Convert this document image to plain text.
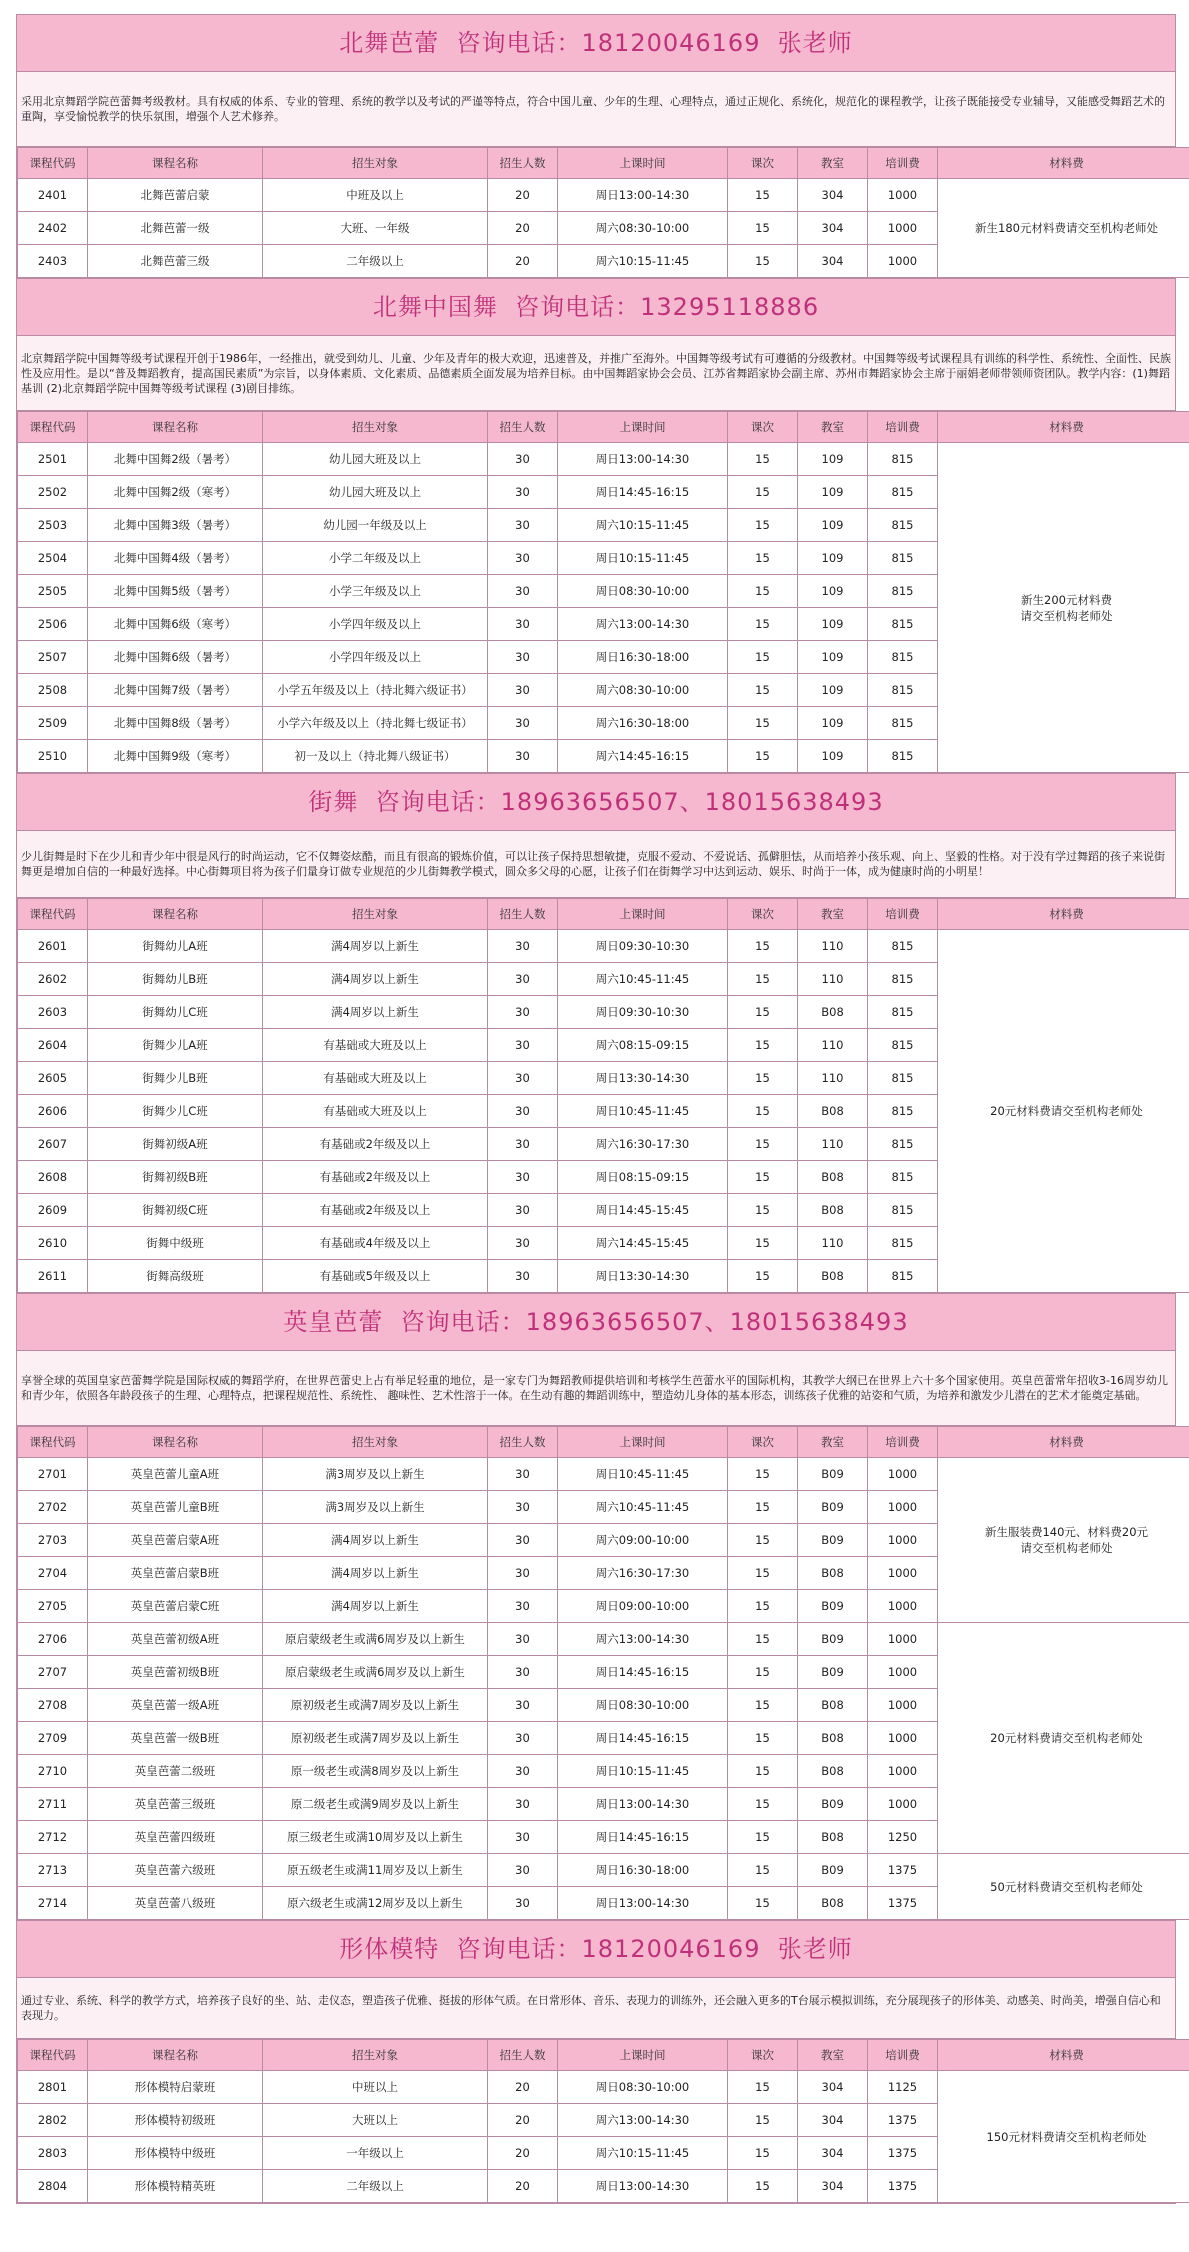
北舞芭蕾  咨询电话：18120046169  张老师
采用北京舞蹈学院芭蕾舞考级教材。具有权威的体系、专业的管理、系统的教学以及考试的严谨等特点，符合中国儿童、少年的生理、心理特点，通过正规化、系统化，规范化的课程教学，让孩子既能接受专业辅导，又能感受舞蹈艺术的重陶，享受愉悦教学的快乐氛围，增强个人艺术修养。
课程代码	课程名称	招生对象	招生人数	上课时间	课次	教室	培训费	材料费
2401	北舞芭蕾启蒙	中班及以上	20	周日13:00-14:30	15	304	1000	新生180元材料费请交至机构老师处
2402	北舞芭蕾一级	大班、一年级	20	周六08:30-10:00	15	304	1000	
2403	北舞芭蕾三级	二年级以上	20	周六10:15-11:45	15	304	1000	
北舞中国舞  咨询电话：13295118886
北京舞蹈学院中国舞等级考试课程开创于1986年，一经推出，就受到幼儿、儿童、少年及青年的极大欢迎，迅速普及，并推广至海外。中国舞等级考试有可遵循的分级教材。中国舞等级考试课程具有训练的科学性、系统性、全面性、民族性及应用性。是以“普及舞蹈教育，提高国民素质”为宗旨，以身体素质、文化素质、品德素质全面发展为培养目标。由中国舞蹈家协会会员、江苏省舞蹈家协会副主席、苏州市舞蹈家协会主席于丽娟老师带领师资团队。教学内容：(1)舞蹈基训 (2)北京舞蹈学院中国舞等级考试课程 (3)剧目排练。
课程代码	课程名称	招生对象	招生人数	上课时间	课次	教室	培训费	材料费
2501	北舞中国舞2级（暑考）	幼儿园大班及以上	30	周日13:00-14:30	15	109	815	新生200元材料费
请交至机构老师处
2502	北舞中国舞2级（寒考）	幼儿园大班及以上	30	周日14:45-16:15	15	109	815	
2503	北舞中国舞3级（暑考）	幼儿园一年级及以上	30	周六10:15-11:45	15	109	815	
2504	北舞中国舞4级（暑考）	小学二年级及以上	30	周日10:15-11:45	15	109	815	
2505	北舞中国舞5级（暑考）	小学三年级及以上	30	周日08:30-10:00	15	109	815	
2506	北舞中国舞6级（寒考）	小学四年级及以上	30	周六13:00-14:30	15	109	815	
2507	北舞中国舞6级（暑考）	小学四年级及以上	30	周日16:30-18:00	15	109	815	
2508	北舞中国舞7级（暑考）	小学五年级及以上（持北舞六级证书）	30	周六08:30-10:00	15	109	815	
2509	北舞中国舞8级（暑考）	小学六年级及以上（持北舞七级证书）	30	周六16:30-18:00	15	109	815	
2510	北舞中国舞9级（寒考）	初一及以上（持北舞八级证书）	30	周六14:45-16:15	15	109	815	
街舞  咨询电话：18963656507、18015638493
少儿街舞是时下在少儿和青少年中很是风行的时尚运动，它不仅舞姿炫酷，而且有很高的锻炼价值，可以让孩子保持思想敏捷，克服不爱动、不爱说话、孤僻胆怯，从而培养小孩乐观、向上、坚毅的性格。对于没有学过舞蹈的孩子来说街舞更是增加自信的一种最好选择。中心街舞项目将为孩子们量身订做专业规范的少儿街舞教学模式，圆众多父母的心愿，让孩子们在街舞学习中达到运动、娱乐、时尚于一体，成为健康时尚的小明星！
课程代码	课程名称	招生对象	招生人数	上课时间	课次	教室	培训费	材料费
2601	街舞幼儿A班	满4周岁以上新生	30	周日09:30-10:30	15	110	815	20元材料费请交至机构老师处
2602	街舞幼儿B班	满4周岁以上新生	30	周六10:45-11:45	15	110	815	
2603	街舞幼儿C班	满4周岁以上新生	30	周日09:30-10:30	15	B08	815	
2604	街舞少儿A班	有基础或大班及以上	30	周六08:15-09:15	15	110	815	
2605	街舞少儿B班	有基础或大班及以上	30	周日13:30-14:30	15	110	815	
2606	街舞少儿C班	有基础或大班及以上	30	周日10:45-11:45	15	B08	815	
2607	街舞初级A班	有基础或2年级及以上	30	周六16:30-17:30	15	110	815	
2608	街舞初级B班	有基础或2年级及以上	30	周日08:15-09:15	15	B08	815	
2609	街舞初级C班	有基础或2年级及以上	30	周日14:45-15:45	15	B08	815	
2610	街舞中级班	有基础或4年级及以上	30	周六14:45-15:45	15	110	815	
2611	街舞高级班	有基础或5年级及以上	30	周日13:30-14:30	15	B08	815	
英皇芭蕾  咨询电话：18963656507、18015638493
享誉全球的英国皇家芭蕾舞学院是国际权威的舞蹈学府，在世界芭蕾史上占有举足轻重的地位，是一家专门为舞蹈教师提供培训和考核学生芭蕾水平的国际机构，其教学大纲已在世界上六十多个国家使用。英皇芭蕾常年招收3-16周岁幼儿和青少年，依照各年龄段孩子的生理、心理特点，把课程规范性、系统性、 趣味性、艺术性溶于一体。在生动有趣的舞蹈训练中，塑造幼儿身体的基本形态，训练孩子优雅的站姿和气质，为培养和激发少儿潜在的艺术才能奠定基础。
课程代码	课程名称	招生对象	招生人数	上课时间	课次	教室	培训费	材料费
2701	英皇芭蕾儿童A班	满3周岁及以上新生	30	周日10:45-11:45	15	B09	1000	新生服装费140元、材料费20元
请交至机构老师处
2702	英皇芭蕾儿童B班	满3周岁及以上新生	30	周六10:45-11:45	15	B09	1000	
2703	英皇芭蕾启蒙A班	满4周岁以上新生	30	周六09:00-10:00	15	B09	1000	
2704	英皇芭蕾启蒙B班	满4周岁以上新生	30	周六16:30-17:30	15	B08	1000	
2705	英皇芭蕾启蒙C班	满4周岁以上新生	30	周日09:00-10:00	15	B09	1000	
2706	英皇芭蕾初级A班	原启蒙级老生或满6周岁及以上新生	30	周六13:00-14:30	15	B09	1000	20元材料费请交至机构老师处
2707	英皇芭蕾初级B班	原启蒙级老生或满6周岁及以上新生	30	周日14:45-16:15	15	B09	1000	
2708	英皇芭蕾一级A班	原初级老生或满7周岁及以上新生	30	周日08:30-10:00	15	B08	1000	
2709	英皇芭蕾一级B班	原初级老生或满7周岁及以上新生	30	周日14:45-16:15	15	B08	1000	
2710	英皇芭蕾二级班	原一级老生或满8周岁及以上新生	30	周日10:15-11:45	15	B08	1000	
2711	英皇芭蕾三级班	原二级老生或满9周岁及以上新生	30	周日13:00-14:30	15	B09	1000	
2712	英皇芭蕾四级班	原三级老生或满10周岁及以上新生	30	周日14:45-16:15	15	B08	1250	
2713	英皇芭蕾六级班	原五级老生或满11周岁及以上新生	30	周日16:30-18:00	15	B09	1375	50元材料费请交至机构老师处
2714	英皇芭蕾八级班	原六级老生或满12周岁及以上新生	30	周日13:00-14:30	15	B08	1375	
形体模特  咨询电话：18120046169  张老师
通过专业、系统、科学的教学方式，培养孩子良好的坐、站、走仪态，塑造孩子优雅、挺拔的形体气质。在日常形体、音乐、表现力的训练外，还会融入更多的T台展示模拟训练，充分展现孩子的形体美、动感美、时尚美，增强自信心和表现力。
课程代码	课程名称	招生对象	招生人数	上课时间	课次	教室	培训费	材料费
2801	形体模特启蒙班	中班以上	20	周日08:30-10:00	15	304	1125	150元材料费请交至机构老师处
2802	形体模特初级班	大班以上	20	周六13:00-14:30	15	304	1375	
2803	形体模特中级班	一年级以上	20	周六10:15-11:45	15	304	1375	
2804	形体模特精英班	二年级以上	20	周日13:00-14:30	15	304	1375	
